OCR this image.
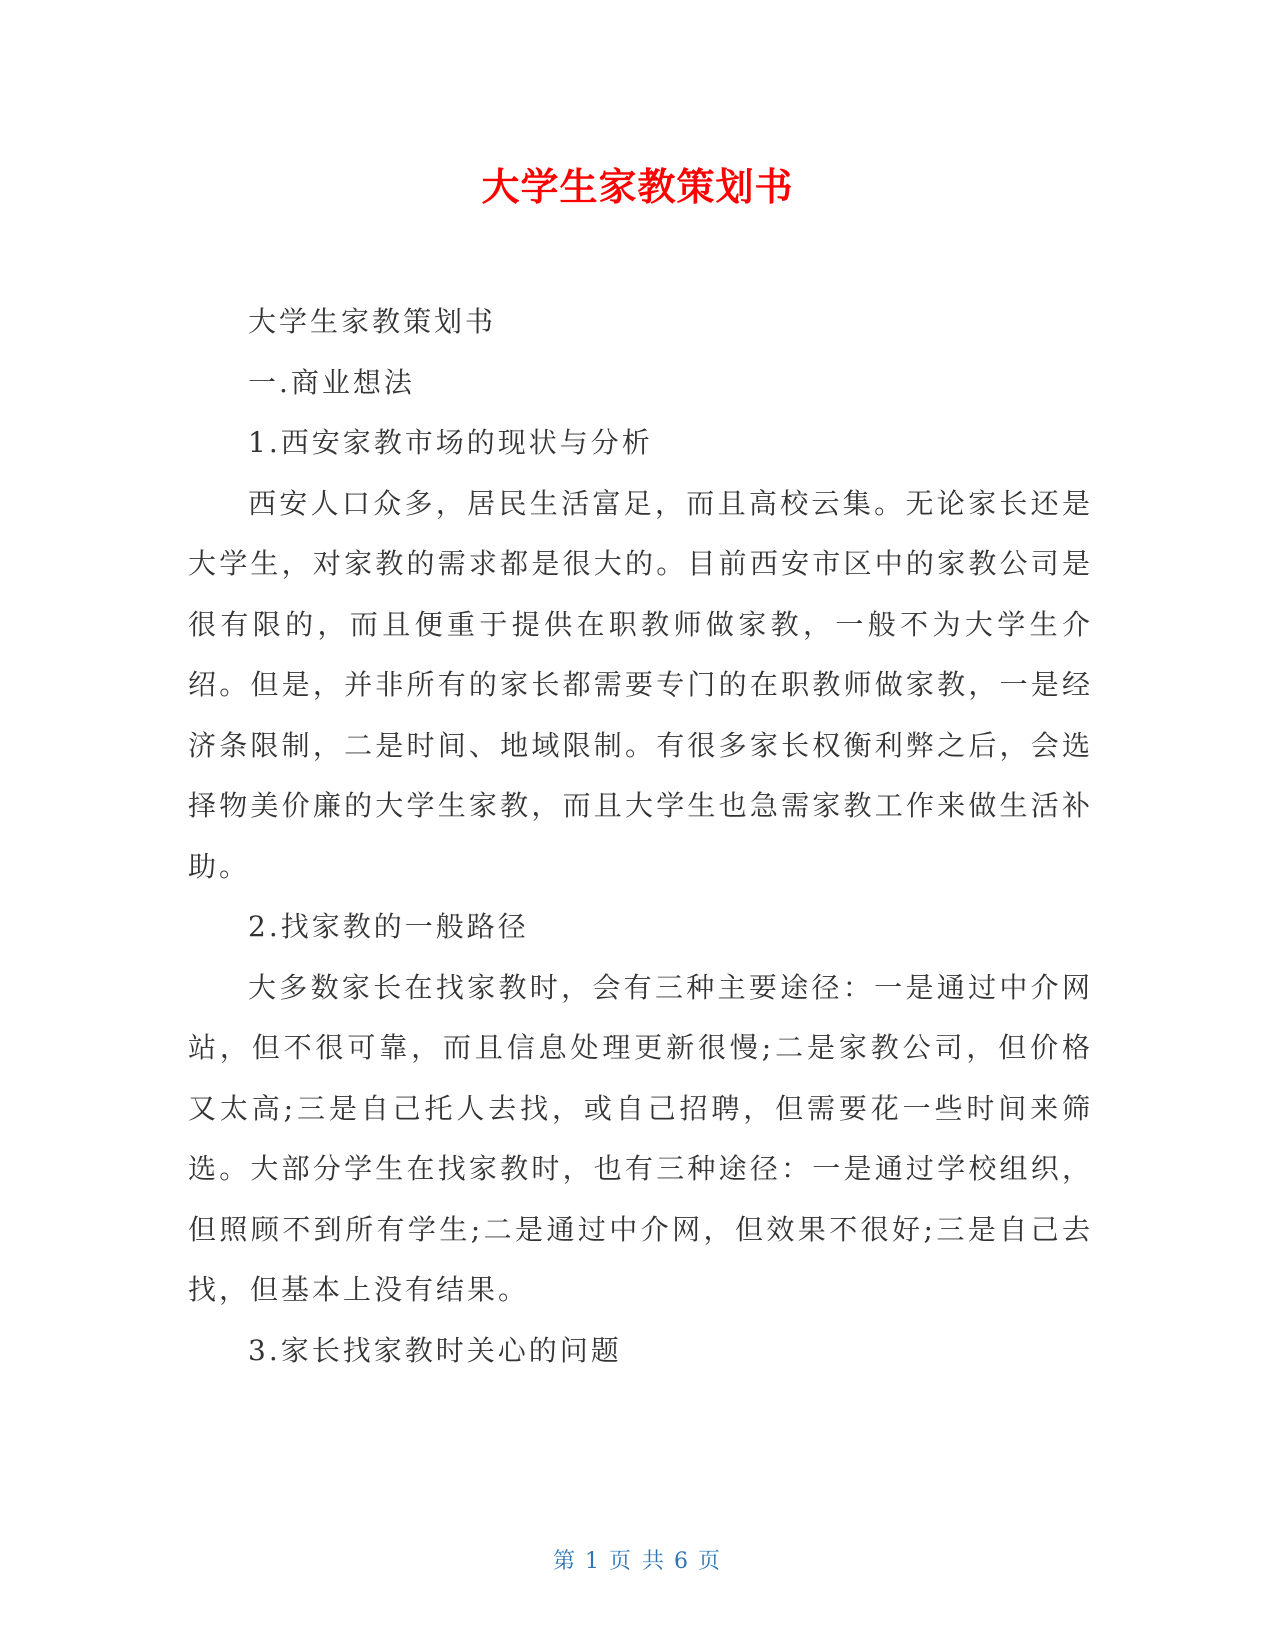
大学生家教策划书

大学生家教策划书

一.商业想法

1.西安家教市场的现状与分析

西安人口众多，居民生活富足，而且高校云集。无论家长还是大学生，对家教的需求都是很大的。目前西安市区中的家教公司是很有限的，而且便重于提供在职教师做家教，一般不为大学生介绍。但是，并非所有的家长都需要专门的在职教师做家教，一是经济条限制，二是时间、地域限制。有很多家长权衡利弊之后，会选择物美价廉的大学生家教，而且大学生也急需家教工作来做生活补助。

2.找家教的一般路径

大多数家长在找家教时，会有三种主要途径：一是通过中介网站，但不很可靠，而且信息处理更新很慢;二是家教公司，但价格又太高;三是自己托人去找，或自己招聘，但需要花一些时间来筛选。大部分学生在找家教时，也有三种途径：一是通过学校组织，但照顾不到所有学生;二是通过中介网，但效果不很好;三是自己去找，但基本上没有结果。

3.家长找家教时关心的问题

第 1 页 共 6 页
